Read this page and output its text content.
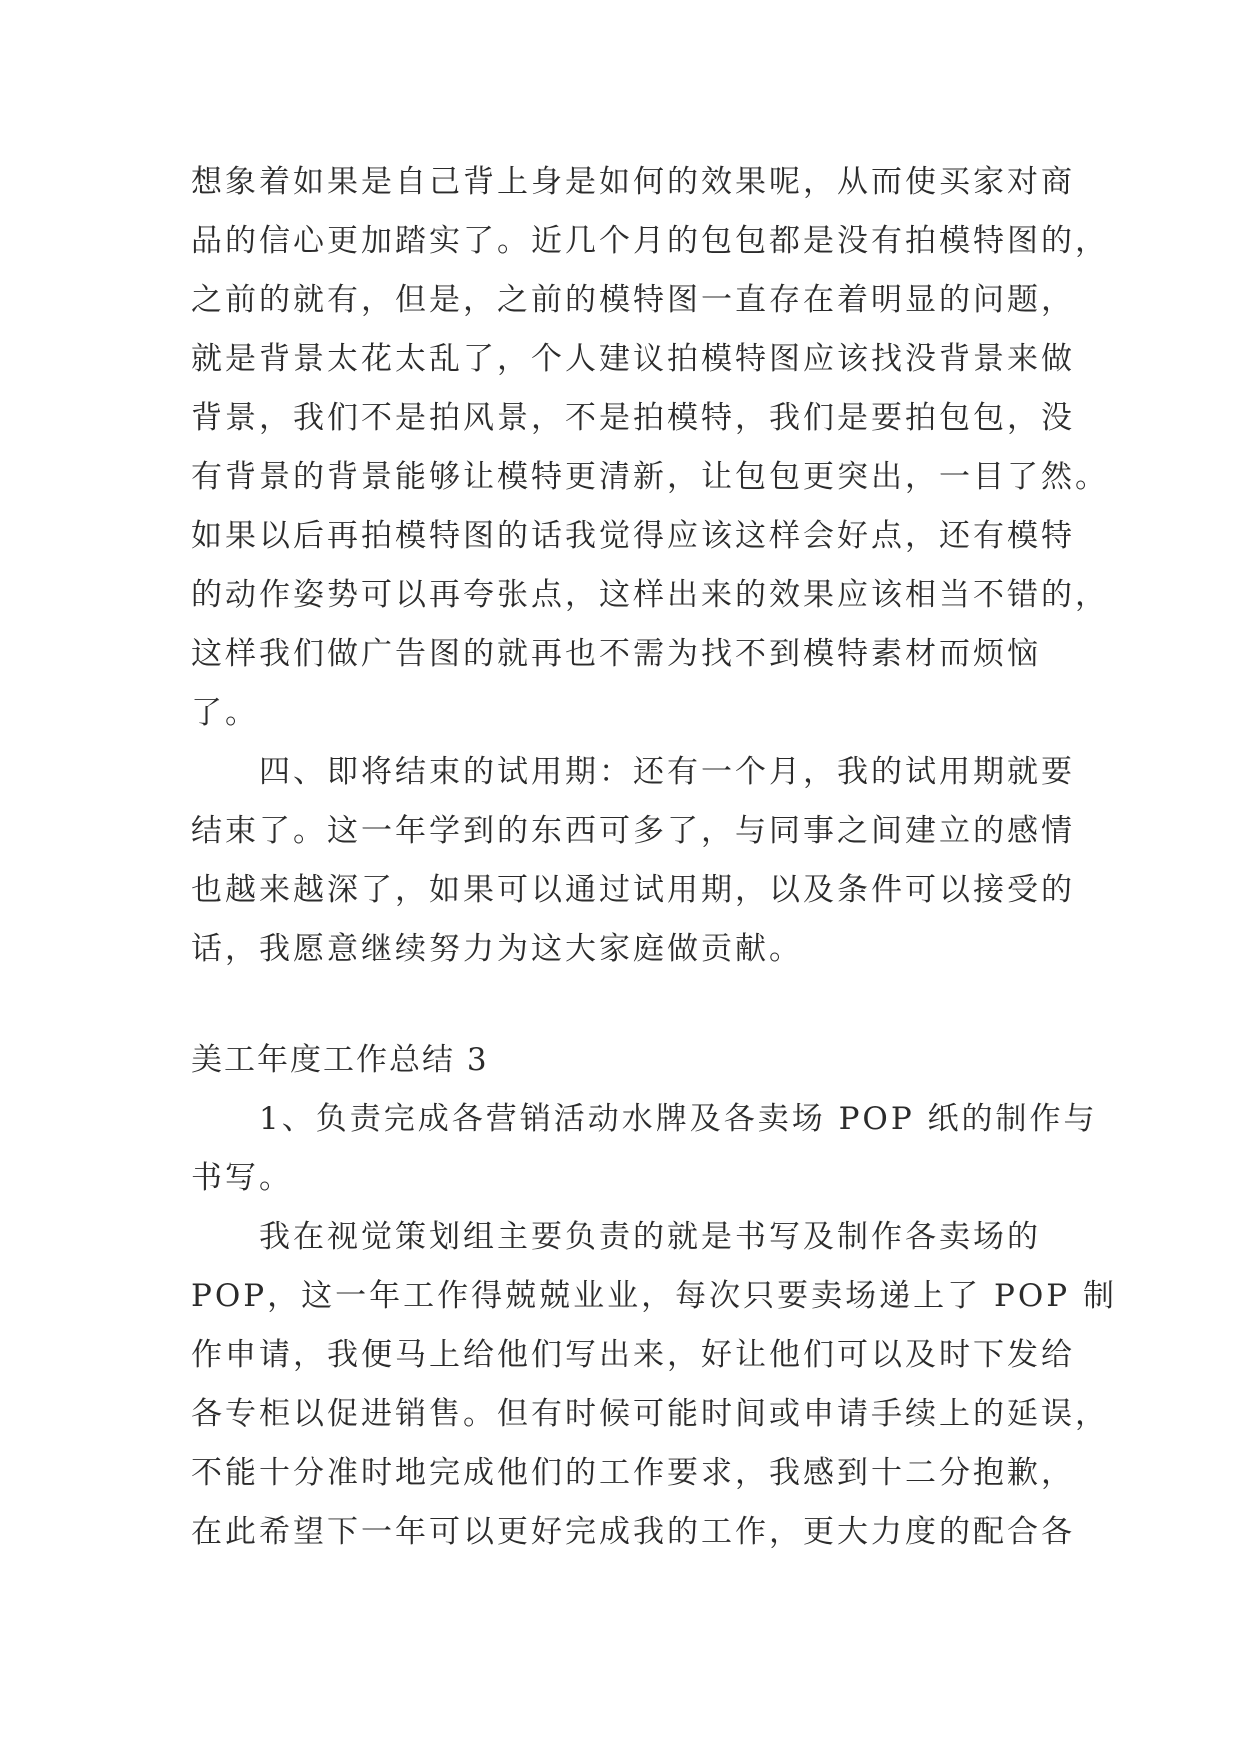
想象着如果是自己背上身是如何的效果呢，从而使买家对商
品的信心更加踏实了。近几个月的包包都是没有拍模特图的，
之前的就有，但是，之前的模特图一直存在着明显的问题，
就是背景太花太乱了，个人建议拍模特图应该找没背景来做
背景，我们不是拍风景，不是拍模特，我们是要拍包包，没
有背景的背景能够让模特更清新，让包包更突出，一目了然。
如果以后再拍模特图的话我觉得应该这样会好点，还有模特
的动作姿势可以再夸张点，这样出来的效果应该相当不错的，
这样我们做广告图的就再也不需为找不到模特素材而烦恼
了。
四、即将结束的试用期：还有一个月，我的试用期就要
结束了。这一年学到的东西可多了，与同事之间建立的感情
也越来越深了，如果可以通过试用期，以及条件可以接受的
话，我愿意继续努力为这大家庭做贡献。
美工年度工作总结 3
1、负责完成各营销活动水牌及各卖场 POP 纸的制作与
书写。
我在视觉策划组主要负责的就是书写及制作各卖场的
POP，这一年工作得兢兢业业，每次只要卖场递上了 POP 制
作申请，我便马上给他们写出来，好让他们可以及时下发给
各专柜以促进销售。但有时候可能时间或申请手续上的延误，
不能十分准时地完成他们的工作要求，我感到十二分抱歉，
在此希望下一年可以更好完成我的工作，更大力度的配合各
